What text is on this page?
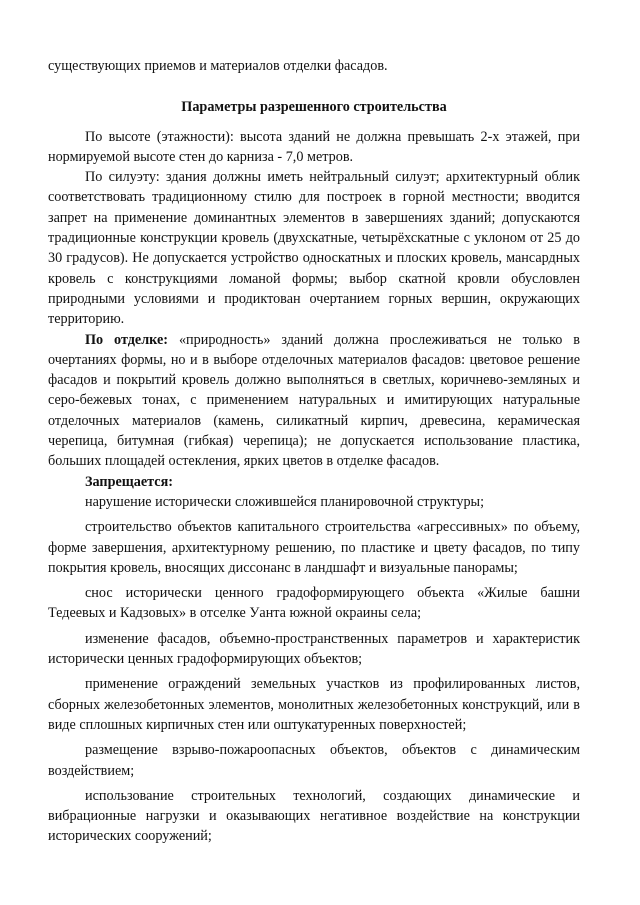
существующих приемов и материалов отделки фасадов.

Параметры разрешенного строительства

По высоте (этажности): высота зданий не должна превышать 2-х этажей, при нормируемой высоте стен до карниза - 7,0 метров.

По силуэту: здания должны иметь нейтральный силуэт; архитектурный облик соответствовать традиционному стилю для построек в горной местности; вводится запрет на применение доминантных элементов в завершениях зданий; допускаются традиционные конструкции кровель (двухскатные, четырёхскатные с уклоном от 25 до 30 градусов). Не допускается устройство односкатных и плоских кровель, мансардных кровель с конструкциями ломаной формы; выбор скатной кровли обусловлен природными условиями и продиктован очертанием горных вершин, окружающих территорию.

По отделке: «природность» зданий должна прослеживаться не только в очертаниях формы, но и в выборе отделочных материалов фасадов: цветовое решение фасадов и покрытий кровель должно выполняться в светлых, коричнево-земляных и серо-бежевых тонах, с применением натуральных и имитирующих натуральные отделочных материалов (камень, силикатный кирпич, древесина, керамическая черепица, битумная (гибкая) черепица); не допускается использование пластика, больших площадей остекления, ярких цветов в отделке фасадов.

Запрещается:

нарушение исторически сложившейся планировочной структуры;

строительство объектов капитального строительства «агрессивных» по объему, форме завершения, архитектурному решению, по пластике и цвету фасадов, по типу покрытия кровель, вносящих диссонанс в ландшафт и визуальные панорамы;

снос исторически ценного градоформирующего объекта «Жилые башни Тедеевых и Кадзовых» в отселке Уанта южной окраины села;

изменение фасадов, объемно-пространственных параметров и характеристик исторически ценных градоформирующих объектов;

применение ограждений земельных участков из профилированных листов, сборных железобетонных элементов, монолитных железобетонных конструкций, или в виде сплошных кирпичных стен или оштукатуренных поверхностей;

размещение взрыво-пожароопасных объектов, объектов с динамическим воздействием;

использование строительных технологий, создающих динамические и вибрационные нагрузки и оказывающих негативное воздействие на конструкции исторических сооружений;
